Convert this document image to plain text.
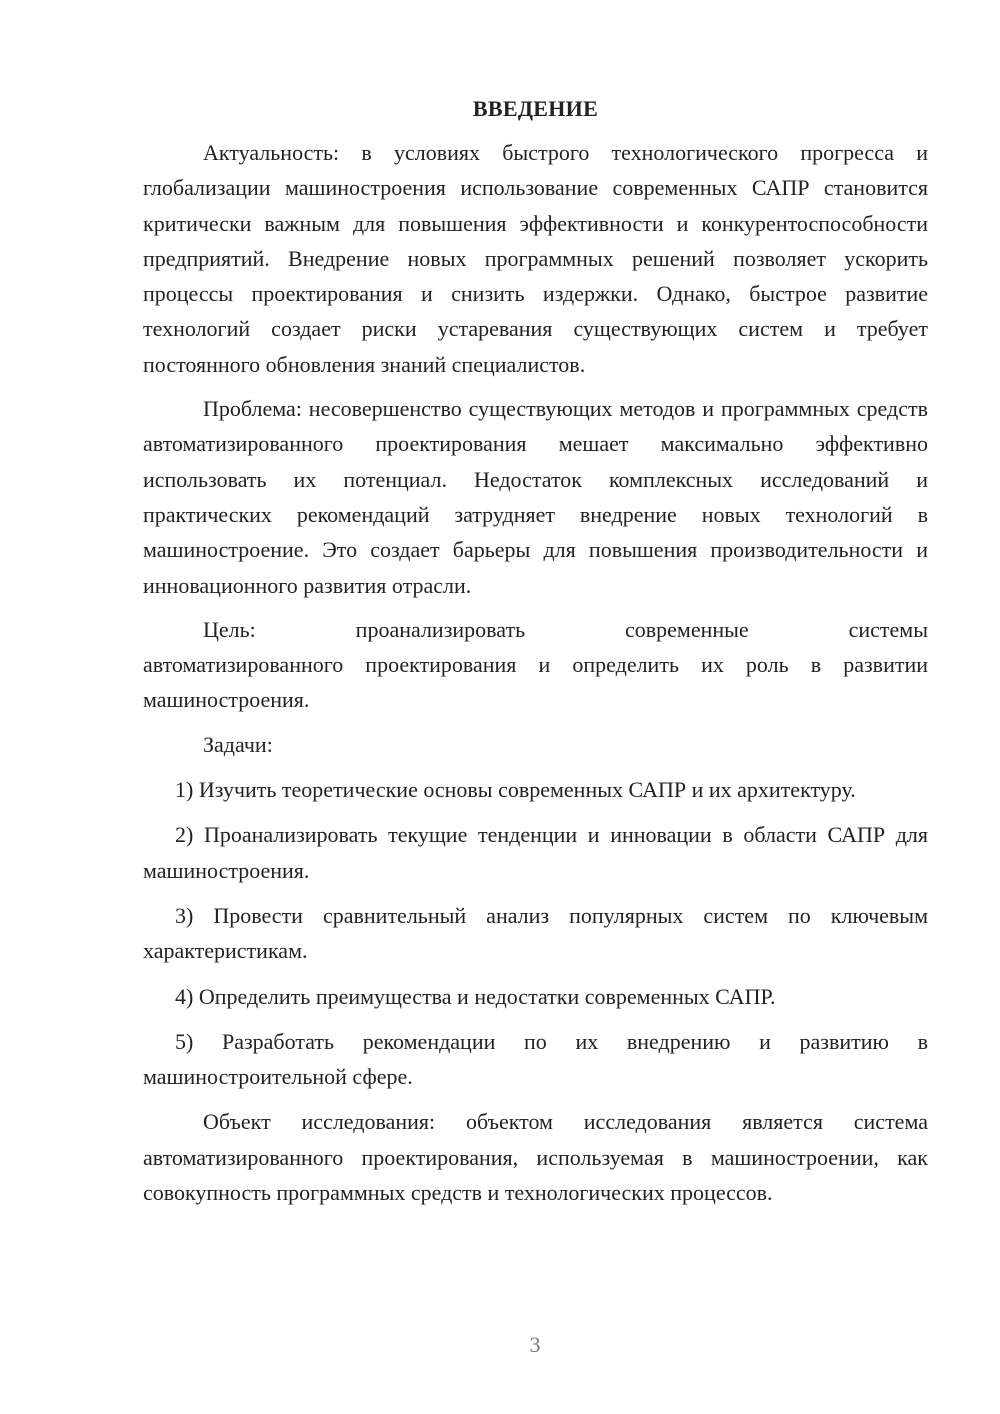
ВВЕДЕНИЕ

Актуальность: в условиях быстрого технологического прогресса и глобализации машиностроения использование современных САПР становится критически важным для повышения эффективности и конкурентоспособности предприятий. Внедрение новых программных решений позволяет ускорить процессы проектирования и снизить издержки. Однако, быстрое развитие технологий создает риски устаревания существующих систем и требует постоянного обновления знаний специалистов.

Проблема: несовершенство существующих методов и программных средств автоматизированного проектирования мешает максимально эффективно использовать их потенциал. Недостаток комплексных исследований и практических рекомендаций затрудняет внедрение новых технологий в машиностроение. Это создает барьеры для повышения производительности и инновационного развития отрасли.

Цель:	проанализировать	современные	системы

автоматизированного проектирования и определить их роль в развитии машиностроения.

Задачи:

1) Изучить теоретические основы современных САПР и их архитектуру.

2) Проанализировать текущие тенденции и инновации в области САПР для машиностроения.

3) Провести сравнительный анализ популярных систем по ключевым характеристикам.

4) Определить преимущества и недостатки современных САПР.

5) Разработать рекомендации по их внедрению и развитию в машиностроительной сфере.

Объект исследования: объектом исследования является система автоматизированного проектирования, используемая в машиностроении, как совокупность программных средств и технологических процессов.

3
